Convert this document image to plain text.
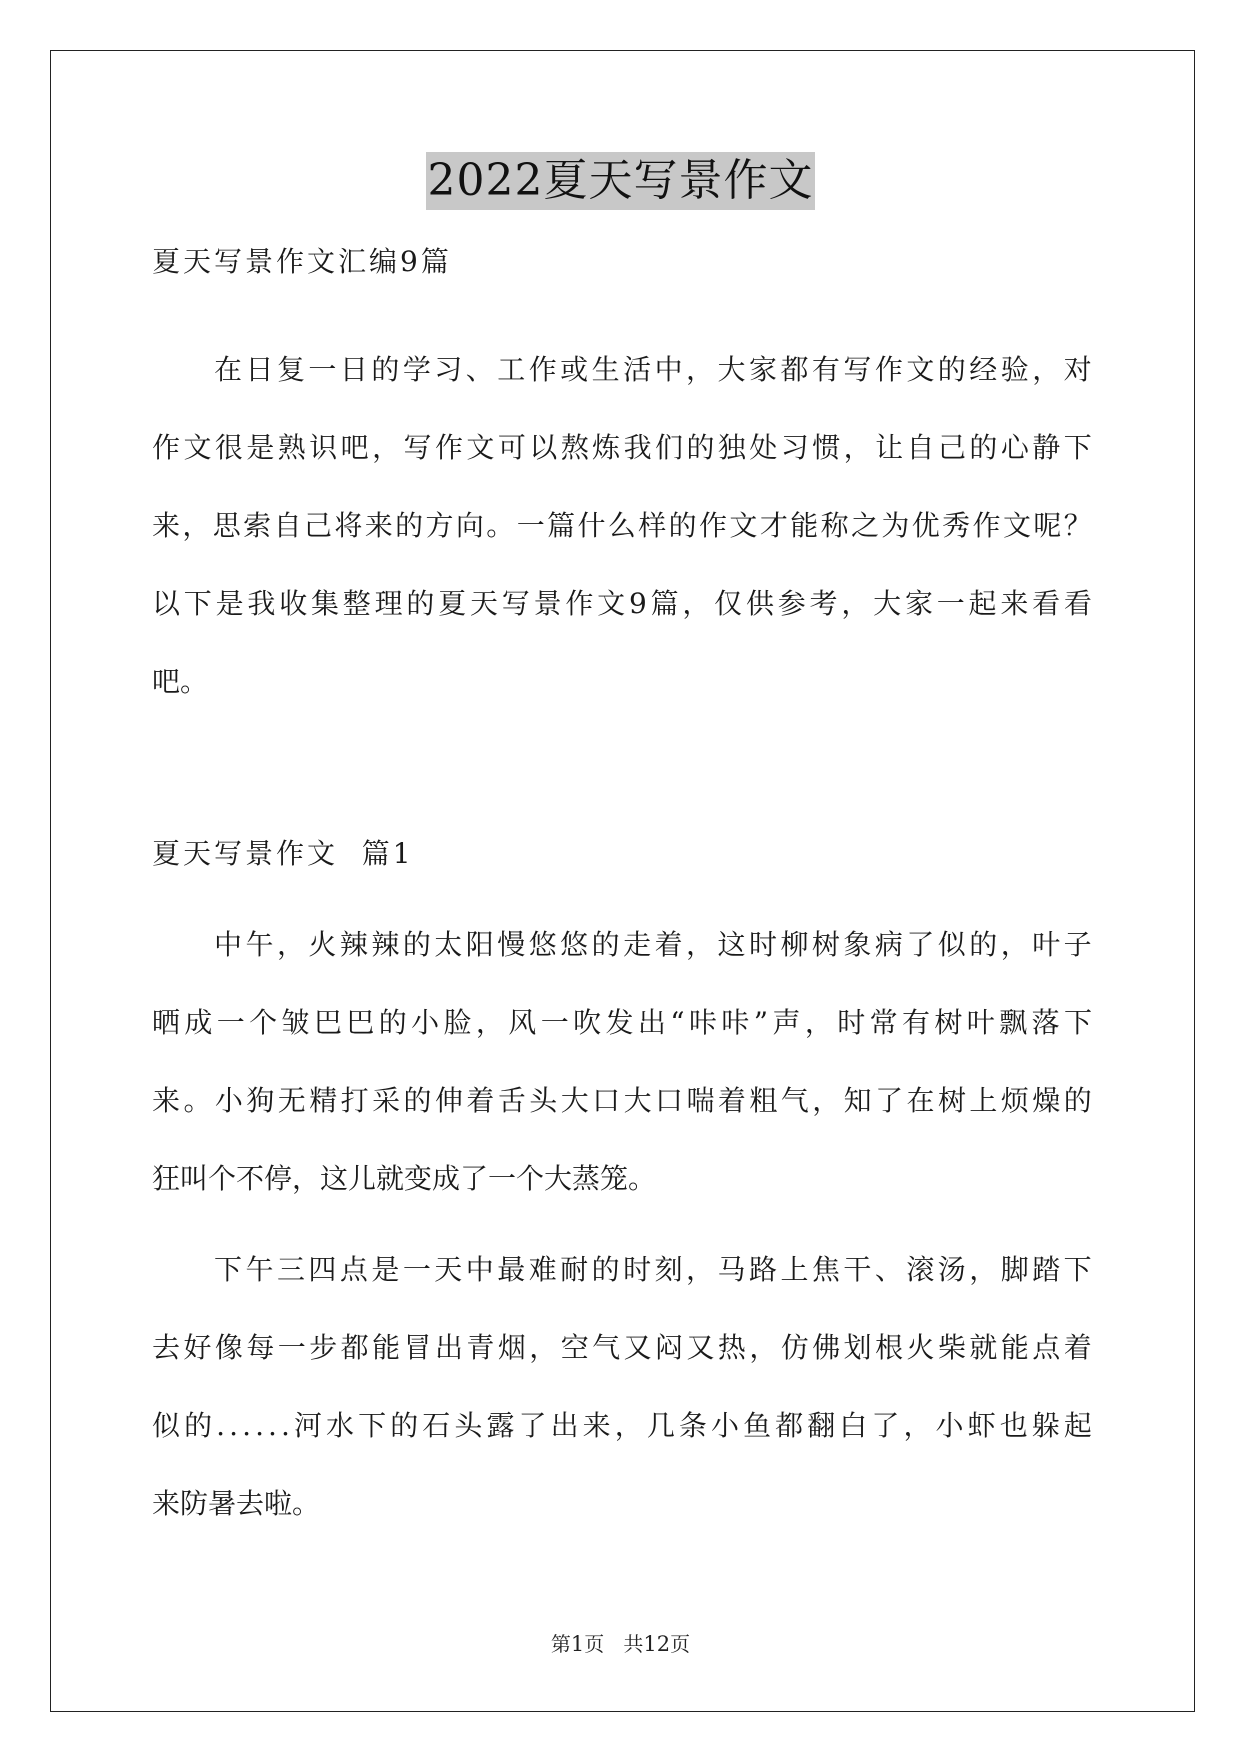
2022夏天写景作文
夏天写景作文汇编9篇
在 日 复 一 日 的 学 习 、 工 作 或 生 活 中 ， 大 家 都 有 写 作 文 的 经 验 ， 对
作 文 很 是 熟 识 吧 ， 写 作 文 可 以 熬 炼 我 们 的 独 处 习 惯 ， 让 自 己 的 心 静 下
来 ， 思 索 自 己 将 来 的 方 向 。 一 篇 什 么 样 的 作 文 才 能 称 之 为 优 秀 作 文 呢 ？
以 下 是 我 收 集 整 理 的 夏 天 写 景 作 文 9 篇 ， 仅 供 参 考 ， 大 家 一 起 来 看 看
吧。
夏天写景作文  篇1
中 午 ， 火 辣 辣 的 太 阳 慢 悠 悠 的 走 着 ， 这 时 柳 树 象 病 了 似 的 ， 叶 子
晒 成 一 个 皱 巴 巴 的 小 脸 ， 风 一 吹 发 出 “ 咔 咔 ” 声 ， 时 常 有 树 叶 飘 落 下
来 。 小 狗 无 精 打 采 的 伸 着 舌 头 大 口 大 口 喘 着 粗 气 ， 知 了 在 树 上 烦 燥 的
狂叫个不停，这儿就变成了一个大蒸笼。
下 午 三 四 点 是 一 天 中 最 难 耐 的 时 刻 ， 马 路 上 焦 干 、 滚 汤 ， 脚 踏 下
去 好 像 每 一 步 都 能 冒 出 青 烟 ， 空 气 又 闷 又 热 ， 仿 佛 划 根 火 柴 就 能 点 着
似 的 . . . . . . 河 水 下 的 石 头 露 了 出 来 ， 几 条 小 鱼 都 翻 白 了 ， 小 虾 也 躲 起
来防暑去啦。
第1页   共12页
